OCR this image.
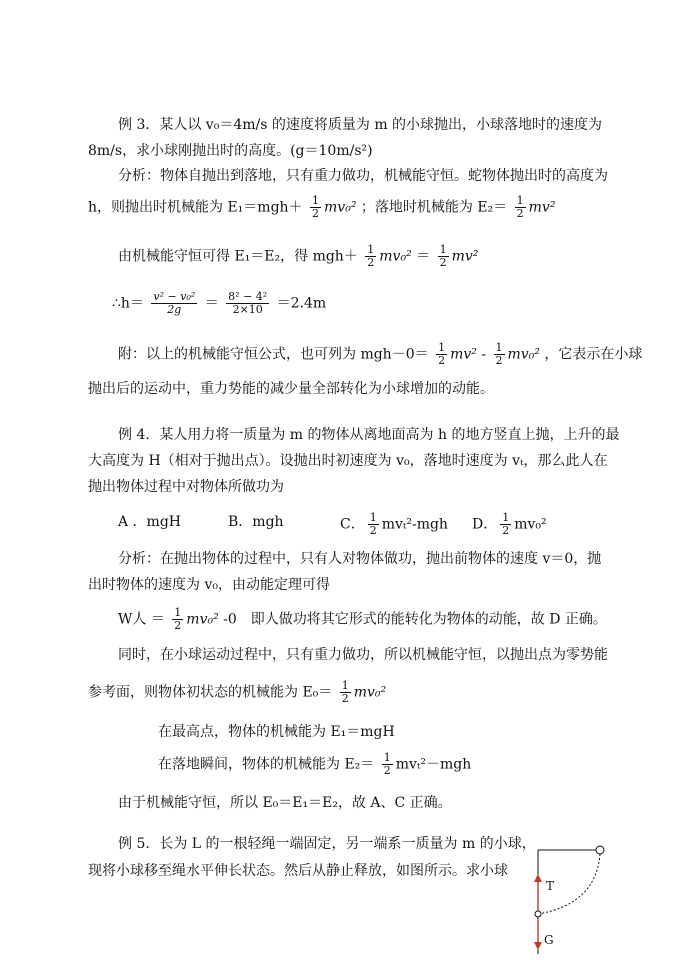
例 3．某人以 v₀＝4m/s 的速度将质量为 m 的小球抛出，小球落地时的速度为
8m/s，求小球刚抛出时的高度。(g＝10m/s²)
分析：物体自抛出到落地，只有重力做功，机械能守恒。蛇物体抛出时的高度为
h，则抛出时机械能为 $E_1=mgh+ \frac{1}{2} mv_0^2$ ；落地时机械能为 $E_2= \frac{1}{2} mv^2$
由机械能守恒可得 E₁＝E₂，得 $mgh+ \frac{1}{2} mv_0^2 = \frac{1}{2} mv^2$
∴h＝ $\frac{\text{v² − v₀²}}{2g} = \frac{\text{8² − 4²}}{2\times 10} =2.4m$
附：以上的机械能守恒公式，也可列为 $mgh-0= \frac{1}{2} mv^2 - \frac{1}{2} mv_0^2$ ，它表示在小球
抛出后的运动中，重力势能的减少量全部转化为小球增加的动能。
例 4．某人用力将一质量为 m 的物体从离地面高为 h 的地方竖直上抛，上升的最
大高度为 H（相对于抛出点）。设抛出时初速度为 v₀，落地时速度为 vₜ，那么此人在
抛出物体过程中对物体所做功为
A ．mgH	B．mgh	C． $\frac{1}{2} mv_t^2-mgh$ D． $\frac{1}{2} mv_0^2$
分析：在抛出物体的过程中，只有人对物体做功，抛出前物体的速度 v＝0，抛
出时物体的速度为 v₀，由动能定理可得
W人 ＝ $\frac{1}{2} mv_0^2$ -0　即人做功将其它形式的能转化为物体的动能，故 D 正确。
同时，在小球运动过程中，只有重力做功，所以机械能守恒，以抛出点为零势能
参考面，则物体初状态的机械能为 $E_0= \frac{1}{2} mv_0^2$
在最高点，物体的机械能为 E₁＝mgH
在落地瞬间，物体的机械能为 $E_2= \frac{1}{2} mv_t^2-mgh$
由于机械能守恒，所以 E₀＝E₁＝E₂，故 A、C 正确。
例 5．长为 L 的一根轻绳一端固定，另一端系一质量为 m 的小球，
现将小球移至绳水平伸长状态。然后从静止释放，如图所示。求小球
T
G
